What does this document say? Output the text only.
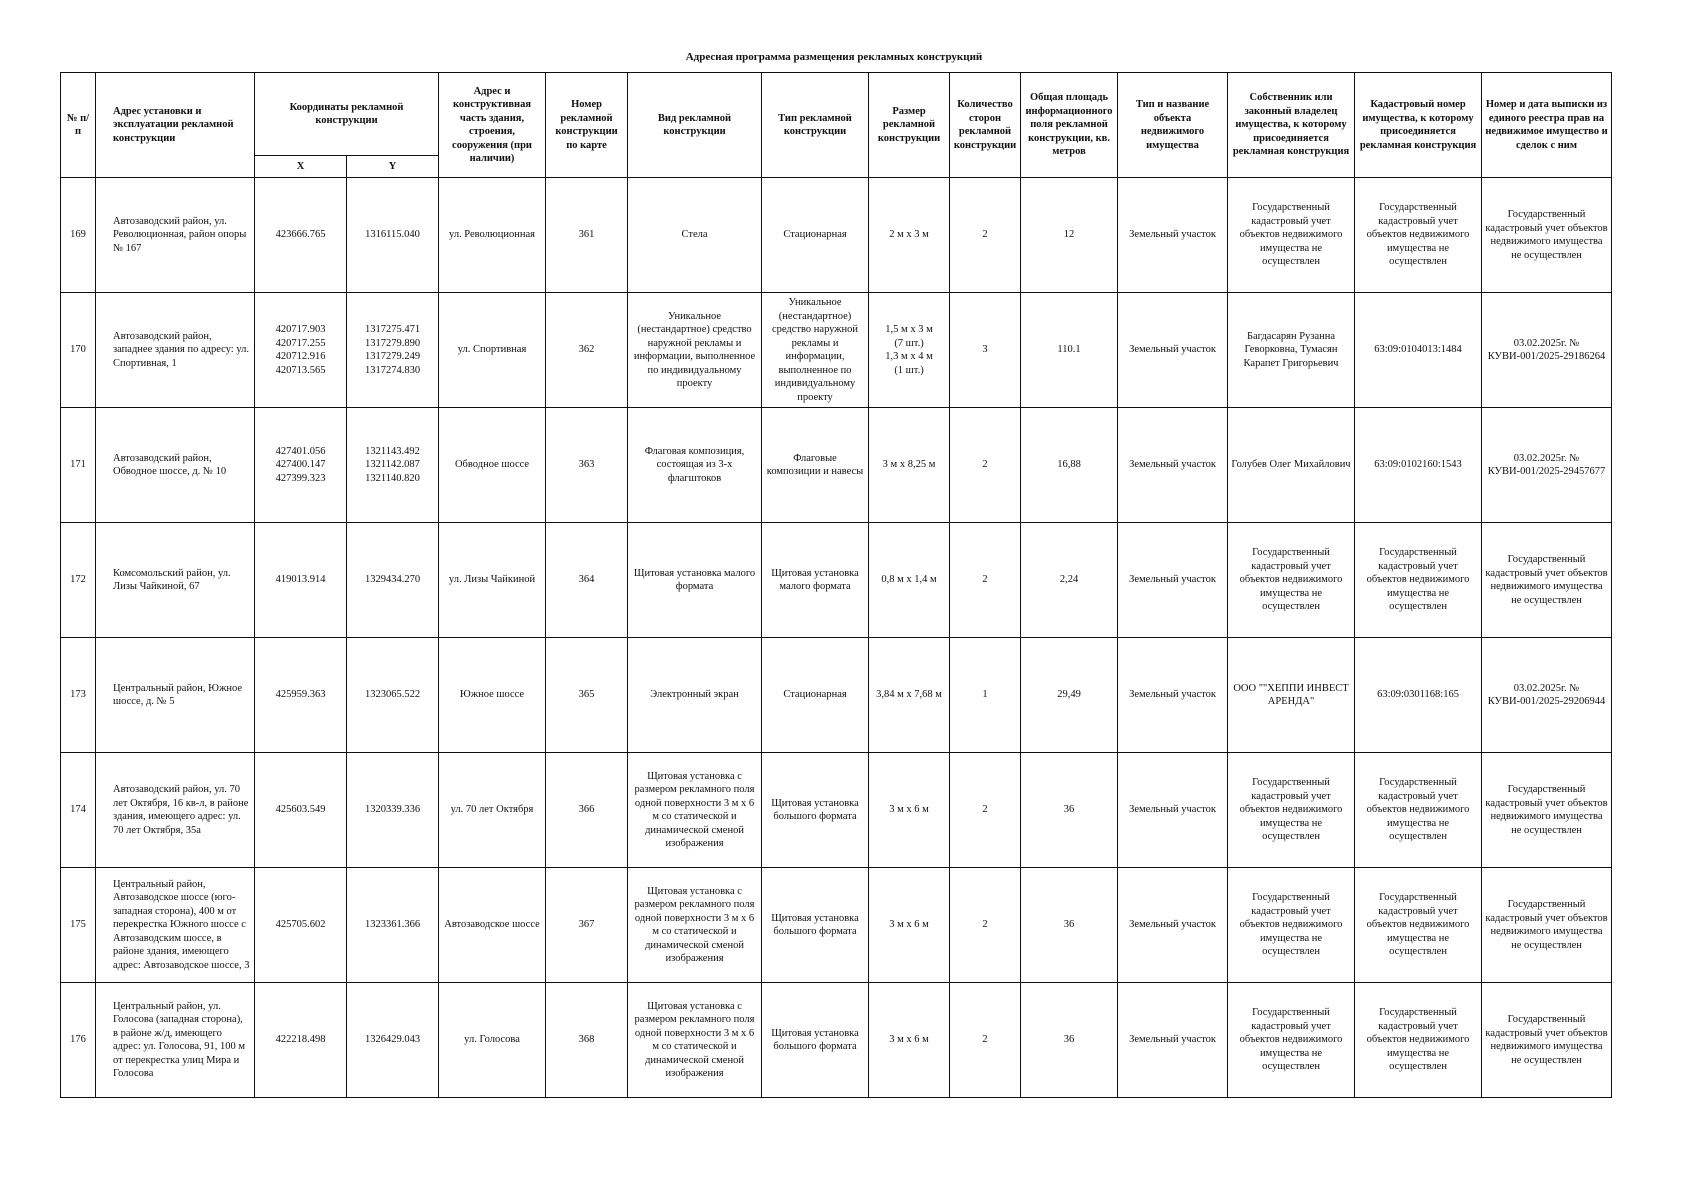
Адресная программа размещения рекламных конструкций
№ п/п	Адрес установки и эксплуатации рекламной конструкции	Координаты рекламной конструкции		Адрес и конструктивная часть здания, строения, сооружения (при наличии)	Номер рекламной конструкции по карте	Вид рекламной конструкции	Тип рекламной конструкции	Размер рекламной конструкции	Количество сторон рекламной конструкции	Общая площадь информационного поля рекламной конструкции, кв. метров	Тип и название объекта недвижимого имущества	Собственник или законный владелец имущества, к которому присоединяется рекламная конструкция	Кадастровый номер имущества, к которому присоединяется рекламная конструкция	Номер и дата выписки из единого реестра прав на недвижимое имущество и сделок с ним
		X	Y											
169	Автозаводский район, ул. Революционная, район опоры № 167	423666.765	1316115.040	ул. Революционная	361	Стела	Стационарная	2 м х 3 м	2	12	Земельный участок	Государственный кадастровый учет объектов недвижимого имущества не осуществлен	Государственный кадастровый учет объектов недвижимого имущества не осуществлен	Государственный кадастровый учет объектов недвижимого имущества не осуществлен
170	Автозаводский район, западнее здания по адресу: ул. Спортивная, 1	420717.903
420717.255
420712.916
420713.565	1317275.471
1317279.890
1317279.249
1317274.830	ул. Спортивная	362	Уникальное (нестандартное) средство наружной рекламы и информации, выполненное по индивидуальному проекту	Уникальное (нестандартное) средство наружной рекламы и информации, выполненное по индивидуальному проекту	1,5 м х 3 м
(7 шт.)
1,3 м х 4 м
(1 шт.)	3	110.1	Земельный участок	Багдасарян Рузанна Геворковна, Тумасян Карапет Григорьевич	63:09:0104013:1484	03.02.2025г. № КУВИ-001/2025-29186264
171	Автозаводский район, Обводное шоссе, д. № 10	427401.056
427400.147
427399.323	1321143.492
1321142.087
1321140.820	Обводное шоссе	363	Флаговая композиция, состоящая из 3-х флагштоков	Флаговые композиции и навесы	3 м х 8,25 м	2	16,88	Земельный участок	Голубев Олег Михайлович	63:09:0102160:1543	03.02.2025г. № КУВИ-001/2025-29457677
172	Комсомольский район, ул. Лизы Чайкиной, 67	419013.914	1329434.270	ул. Лизы Чайкиной	364	Щитовая установка малого формата	Щитовая установка малого формата	0,8 м х 1,4 м	2	2,24	Земельный участок	Государственный кадастровый учет объектов недвижимого имущества не осуществлен	Государственный кадастровый учет объектов недвижимого имущества не осуществлен	Государственный кадастровый учет объектов недвижимого имущества не осуществлен
173	Центральный район, Южное шоссе, д. № 5	425959.363	1323065.522	Южное шоссе	365	Электронный экран	Стационарная	3,84 м х 7,68 м	1	29,49	Земельный участок	ООО ""ХЕППИ ИНВЕСТ АРЕНДА"	63:09:0301168:165	03.02.2025г. № КУВИ-001/2025-29206944
174	Автозаводский район, ул. 70 лет Октября, 16 кв-л, в районе здания, имеющего адрес: ул. 70 лет Октября, 35а	425603.549	1320339.336	ул. 70 лет Октября	366	Щитовая установка с размером рекламного поля одной поверхности 3 м х 6 м со статической и динамической сменой изображения	Щитовая установка большого формата	3 м х 6 м	2	36	Земельный участок	Государственный кадастровый учет объектов недвижимого имущества не осуществлен	Государственный кадастровый учет объектов недвижимого имущества не осуществлен	Государственный кадастровый учет объектов недвижимого имущества не осуществлен
175	Центральный район, Автозаводское шоссе (юго-западная сторона), 400 м от перекрестка Южного шоссе с Автозаводским шоссе, в районе здания, имеющего адрес: Автозаводское шоссе, 3	425705.602	1323361.366	Автозаводское шоссе	367	Щитовая установка с размером рекламного поля одной поверхности 3 м х 6 м со статической и динамической сменой изображения	Щитовая установка большого формата	3 м х 6 м	2	36	Земельный участок	Государственный кадастровый учет объектов недвижимого имущества не осуществлен	Государственный кадастровый учет объектов недвижимого имущества не осуществлен	Государственный кадастровый учет объектов недвижимого имущества не осуществлен
176	Центральный район, ул. Голосова (западная сторона), в районе ж/д, имеющего адрес: ул. Голосова, 91, 100 м от перекрестка улиц Мира и Голосова	422218.498	1326429.043	ул. Голосова	368	Щитовая установка с размером рекламного поля одной поверхности 3 м х 6 м со статической и динамической сменой изображения	Щитовая установка большого формата	3 м х 6 м	2	36	Земельный участок	Государственный кадастровый учет объектов недвижимого имущества не осуществлен	Государственный кадастровый учет объектов недвижимого имущества не осуществлен	Государственный кадастровый учет объектов недвижимого имущества не осуществлен
